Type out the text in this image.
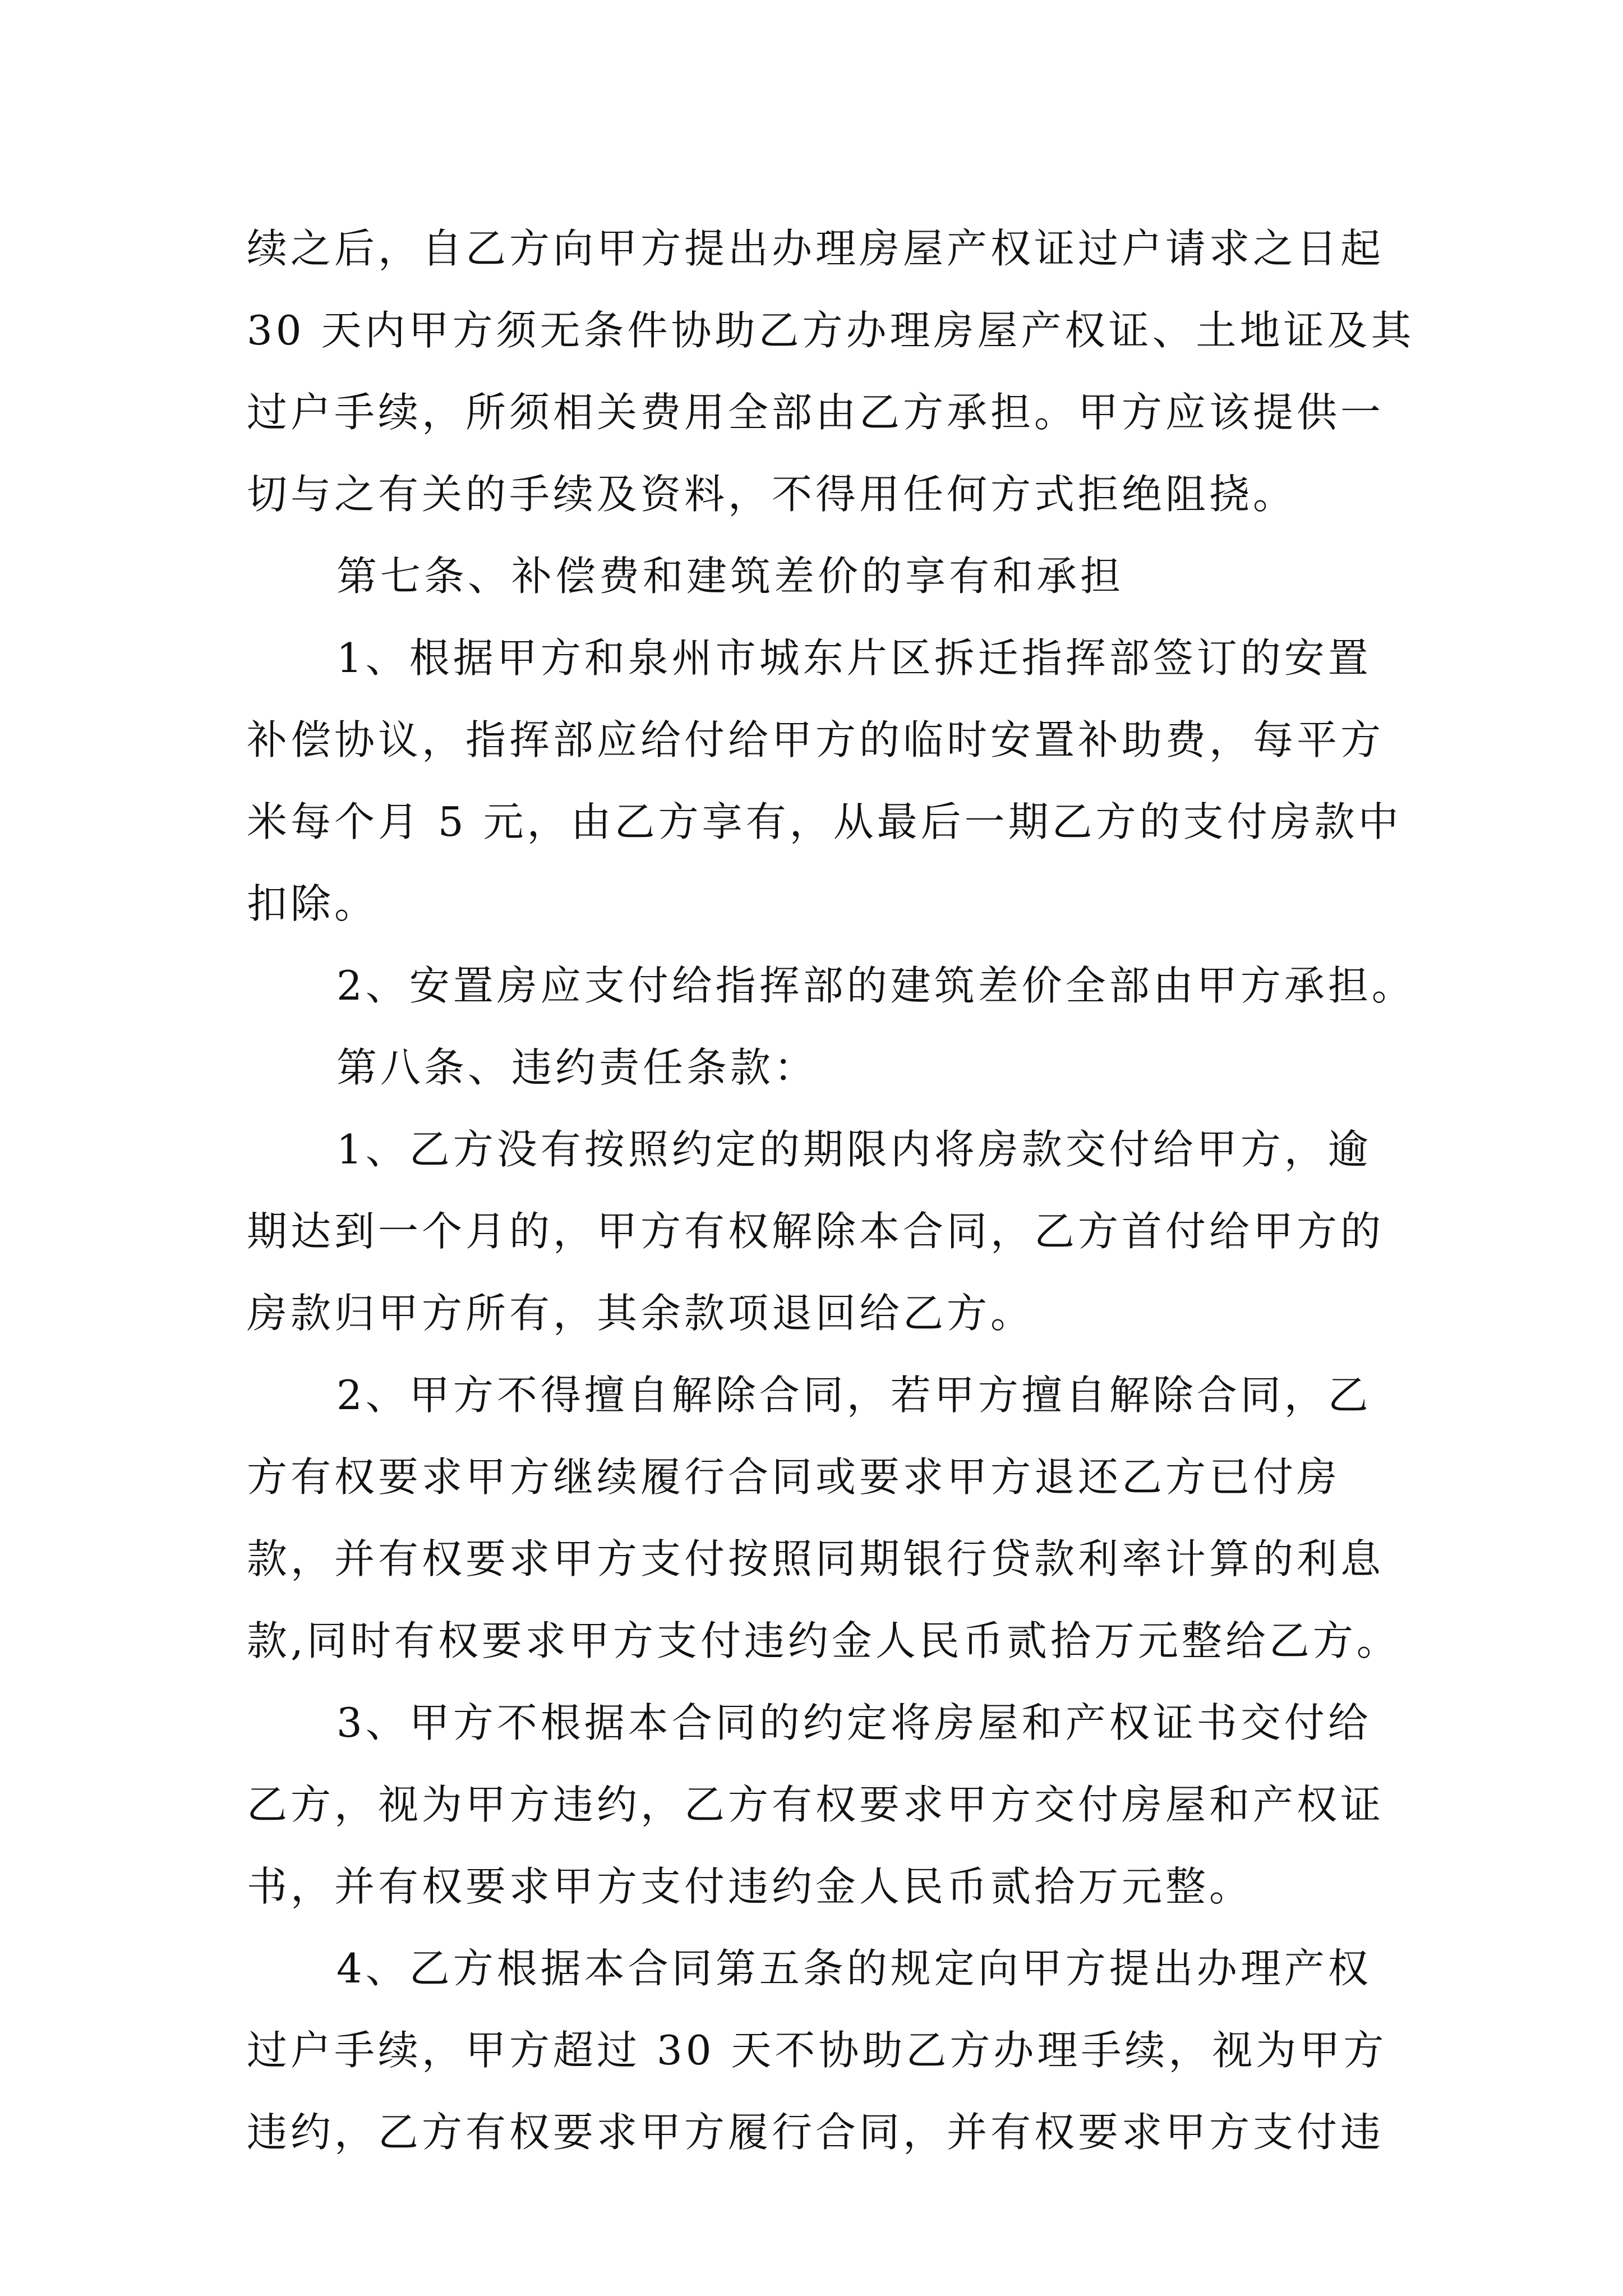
续之后，自乙方向甲方提出办理房屋产权证过户请求之日起
30 天内甲方须无条件协助乙方办理房屋产权证、土地证及其
过户手续，所须相关费用全部由乙方承担。甲方应该提供一
切与之有关的手续及资料，不得用任何方式拒绝阻挠。
第七条、补偿费和建筑差价的享有和承担
1、根据甲方和泉州市城东片区拆迁指挥部签订的安置
补偿协议，指挥部应给付给甲方的临时安置补助费，每平方
米每个月 5 元，由乙方享有，从最后一期乙方的支付房款中
扣除。
2、安置房应支付给指挥部的建筑差价全部由甲方承担。
第八条、违约责任条款：
1、乙方没有按照约定的期限内将房款交付给甲方，逾
期达到一个月的，甲方有权解除本合同，乙方首付给甲方的
房款归甲方所有，其余款项退回给乙方。
2、甲方不得擅自解除合同，若甲方擅自解除合同，乙
方有权要求甲方继续履行合同或要求甲方退还乙方已付房
款，并有权要求甲方支付按照同期银行贷款利率计算的利息
款,同时有权要求甲方支付违约金人民币贰拾万元整给乙方。
3、甲方不根据本合同的约定将房屋和产权证书交付给
乙方，视为甲方违约，乙方有权要求甲方交付房屋和产权证
书，并有权要求甲方支付违约金人民币贰拾万元整。
4、乙方根据本合同第五条的规定向甲方提出办理产权
过户手续，甲方超过 30 天不协助乙方办理手续，视为甲方
违约，乙方有权要求甲方履行合同，并有权要求甲方支付违
